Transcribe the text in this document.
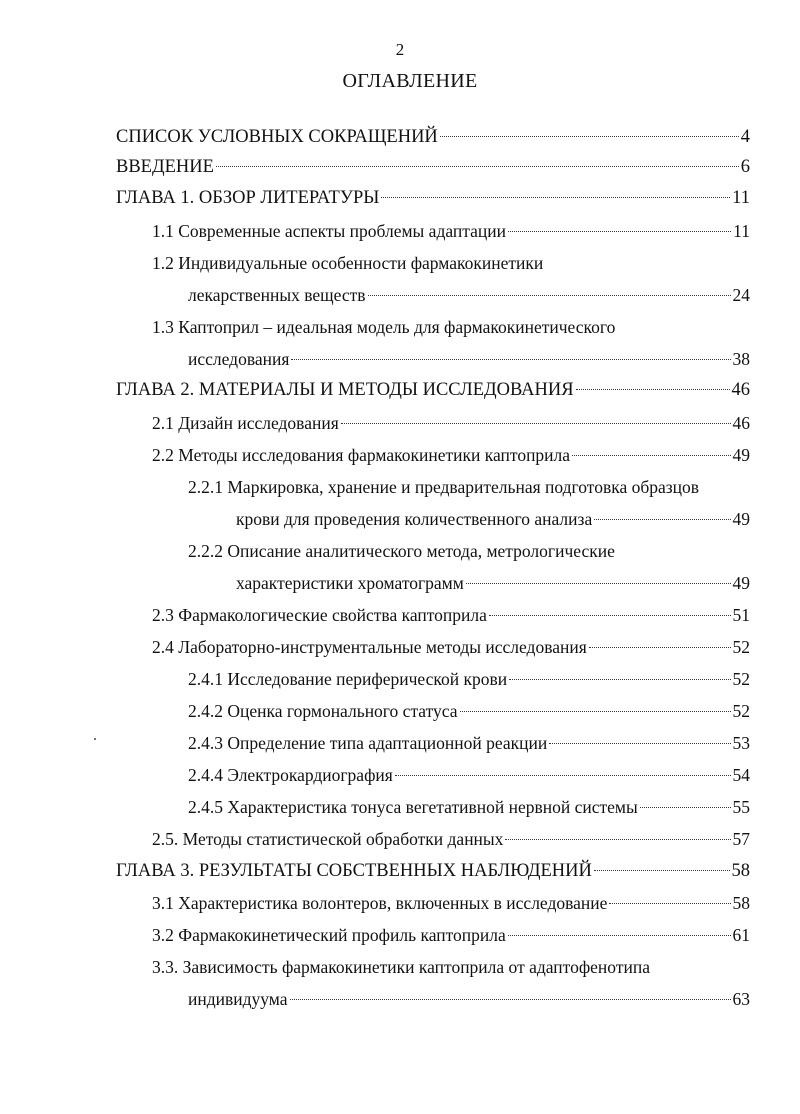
2
ОГЛАВЛЕНИЕ
СПИСОК УСЛОВНЫХ СОКРАЩЕНИЙ	4
ВВЕДЕНИЕ	6
ГЛАВА 1. ОБЗОР ЛИТЕРАТУРЫ	11
1.1 Современные аспекты проблемы адаптации	11
1.2 Индивидуальные особенности фармакокинетики
лекарственных веществ	24
1.3 Каптоприл – идеальная модель для фармакокинетического
исследования	38
ГЛАВА 2. МАТЕРИАЛЫ И МЕТОДЫ ИССЛЕДОВАНИЯ	46
2.1 Дизайн исследования	46
2.2 Методы исследования фармакокинетики каптоприла	49
2.2.1 Маркировка, хранение и предварительная подготовка образцов
крови для проведения количественного анализа	49
2.2.2 Описание аналитического метода, метрологические
характеристики хроматограмм	49
2.3 Фармакологические свойства каптоприла	51
2.4 Лабораторно-инструментальные методы исследования	52
2.4.1 Исследование периферической крови	52
2.4.2 Оценка гормонального статуса	52
2.4.3 Определение типа адаптационной реакции	53
2.4.4 Электрокардиография	54
2.4.5 Характеристика тонуса вегетативной нервной системы	55
2.5. Методы статистической обработки данных	57
ГЛАВА 3. РЕЗУЛЬТАТЫ СОБСТВЕННЫХ НАБЛЮДЕНИЙ	58
3.1 Характеристика волонтеров, включенных в исследование	58
3.2 Фармакокинетический профиль каптоприла	61
3.3. Зависимость фармакокинетики каптоприла от адаптофенотипа
индивидуума	63
